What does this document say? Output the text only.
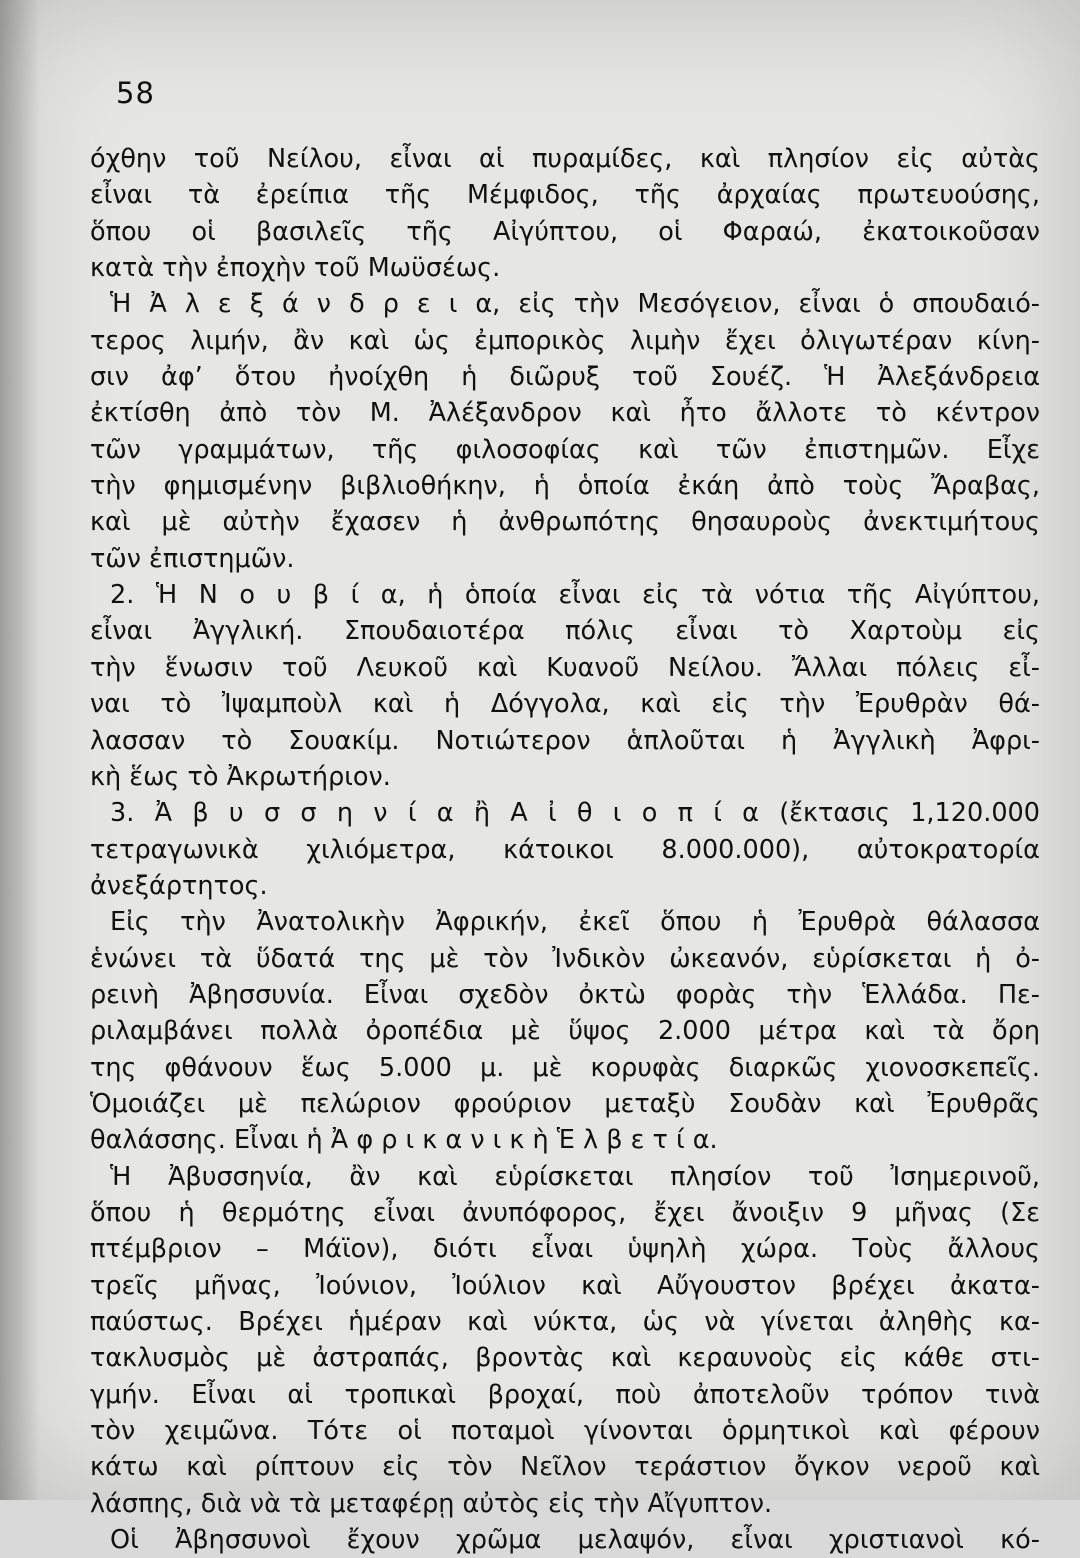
58
όχθην τοῦ Νείλου, εἶναι αἱ πυραμίδες, καὶ πλησίον εἰς αὐτὰς
εἶναι τὰ ἐρείπια τῆς Μέμφιδος, τῆς ἀρχαίας πρωτευούσης,
ὅπου οἱ βασιλεῖς τῆς Αἰγύπτου, οἱ Φαραώ, ἐκατοικοῦσαν
κατὰ τὴν ἐποχὴν τοῦ Μωϋσέως.
Ἡ Ἀ λ ε ξ ά ν δ ρ ε ι α, εἰς τὴν Μεσόγειον, εἶναι ὁ σπουδαιό-
τερος λιμήν, ἂν καὶ ὡς ἐμπορικὸς λιμὴν ἔχει ὀλιγωτέραν κίνη-
σιν ἀφ’ ὅτου ἠνοίχθη ἡ διῶρυξ τοῦ Σουέζ. Ἡ Ἀλεξάνδρεια
ἐκτίσθη ἀπὸ τὸν Μ. Ἀλέξανδρον καὶ ἦτο ἄλλοτε τὸ κέντρον
τῶν γραμμάτων, τῆς φιλοσοφίας καὶ τῶν ἐπιστημῶν. Εἶχε
τὴν φημισμένην βιβλιοθήκην, ἡ ὁποία ἐκάη ἀπὸ τοὺς Ἄραβας,
καὶ μὲ αὐτὴν ἔχασεν ἡ ἀνθρωπότης θησαυροὺς ἀνεκτιμήτους
τῶν ἐπιστημῶν.
2. Ἡ Ν ο υ β ί α, ἡ ὁποία εἶναι εἰς τὰ νότια τῆς Αἰγύπτου,
εἶναι Ἀγγλική. Σπουδαιοτέρα πόλις εἶναι τὸ Χαρτοὺμ εἰς
τὴν ἕνωσιν τοῦ Λευκοῦ καὶ Κυανοῦ Νείλου. Ἄλλαι πόλεις εἶ-
ναι τὸ Ἰψαμποὺλ καὶ ἡ Δόγγολα, καὶ εἰς τὴν Ἐρυθρὰν θά-
λασσαν τὸ Σουακίμ. Νοτιώτερον ἁπλοῦται ἡ Ἀγγλικὴ Ἀφρι-
κὴ ἕως τὸ Ἀκρωτήριον.
3. Ἀ β υ σ σ η ν ί α ἢ Α ἰ θ ι ο π ί α (ἔκτασις 1,120.000
τετραγωνικὰ χιλιόμετρα, κάτοικοι 8.000.000), αὐτοκρατορία
ἀνεξάρτητος.
Εἰς τὴν Ἀνατολικὴν Ἀφρικήν, ἐκεῖ ὅπου ἡ Ἐρυθρὰ θάλασσα
ἑνώνει τὰ ὕδατά της μὲ τὸν Ἰνδικὸν ὠκεανόν, εὑρίσκεται ἡ ὀ-
ρεινὴ Ἀβησσυνία. Εἶναι σχεδὸν ὀκτὼ φορὰς τὴν Ἑλλάδα. Πε-
ριλαμβάνει πολλὰ ὀροπέδια μὲ ὕψος 2.000 μέτρα καὶ τὰ ὄρη
της φθάνουν ἕως 5.000 μ. μὲ κορυφὰς διαρκῶς χιονοσκεπεῖς.
Ὁμοιάζει μὲ πελώριον φρούριον μεταξὺ Σουδὰν καὶ Ἐρυθρᾶς
θαλάσσης. Εἶναι ἡ Ἀ φ ρ ι κ α ν ι κ ὴ Ἑ λ β ε τ ί α.
Ἡ Ἀβυσσηνία, ἂν καὶ εὑρίσκεται πλησίον τοῦ Ἰσημερινοῦ,
ὅπου ἡ θερμότης εἶναι ἀνυπόφορος, ἔχει ἄνοιξιν 9 μῆνας (Σε
πτέμβριον – Μάϊον), διότι εἶναι ὑψηλὴ χώρα. Τοὺς ἄλλους
τρεῖς μῆνας, Ἰούνιον, Ἰούλιον καὶ Αὔγουστον βρέχει ἀκατα-
παύστως. Βρέχει ἡμέραν καὶ νύκτα, ὡς νὰ γίνεται ἀληθὴς κα-
τακλυσμὸς μὲ ἀστραπάς, βροντὰς καὶ κεραυνοὺς εἰς κάθε στι-
γμήν. Εἶναι αἱ τροπικαὶ βροχαί, ποὺ ἀποτελοῦν τρόπον τινὰ
τὸν χειμῶνα. Τότε οἱ ποταμοὶ γίνονται ὁρμητικοὶ καὶ φέρουν
κάτω καὶ ρίπτουν εἰς τὸν Νεῖλον τεράστιον ὄγκον νεροῦ καὶ
λάσπης, διὰ νὰ τὰ μεταφέρῃ αὐτὸς εἰς τὴν Αἴγυπτον.
Οἱ Ἀβησσυνοὶ ἔχουν χρῶμα μελαψόν, εἶναι χριστιανοὶ κό-
